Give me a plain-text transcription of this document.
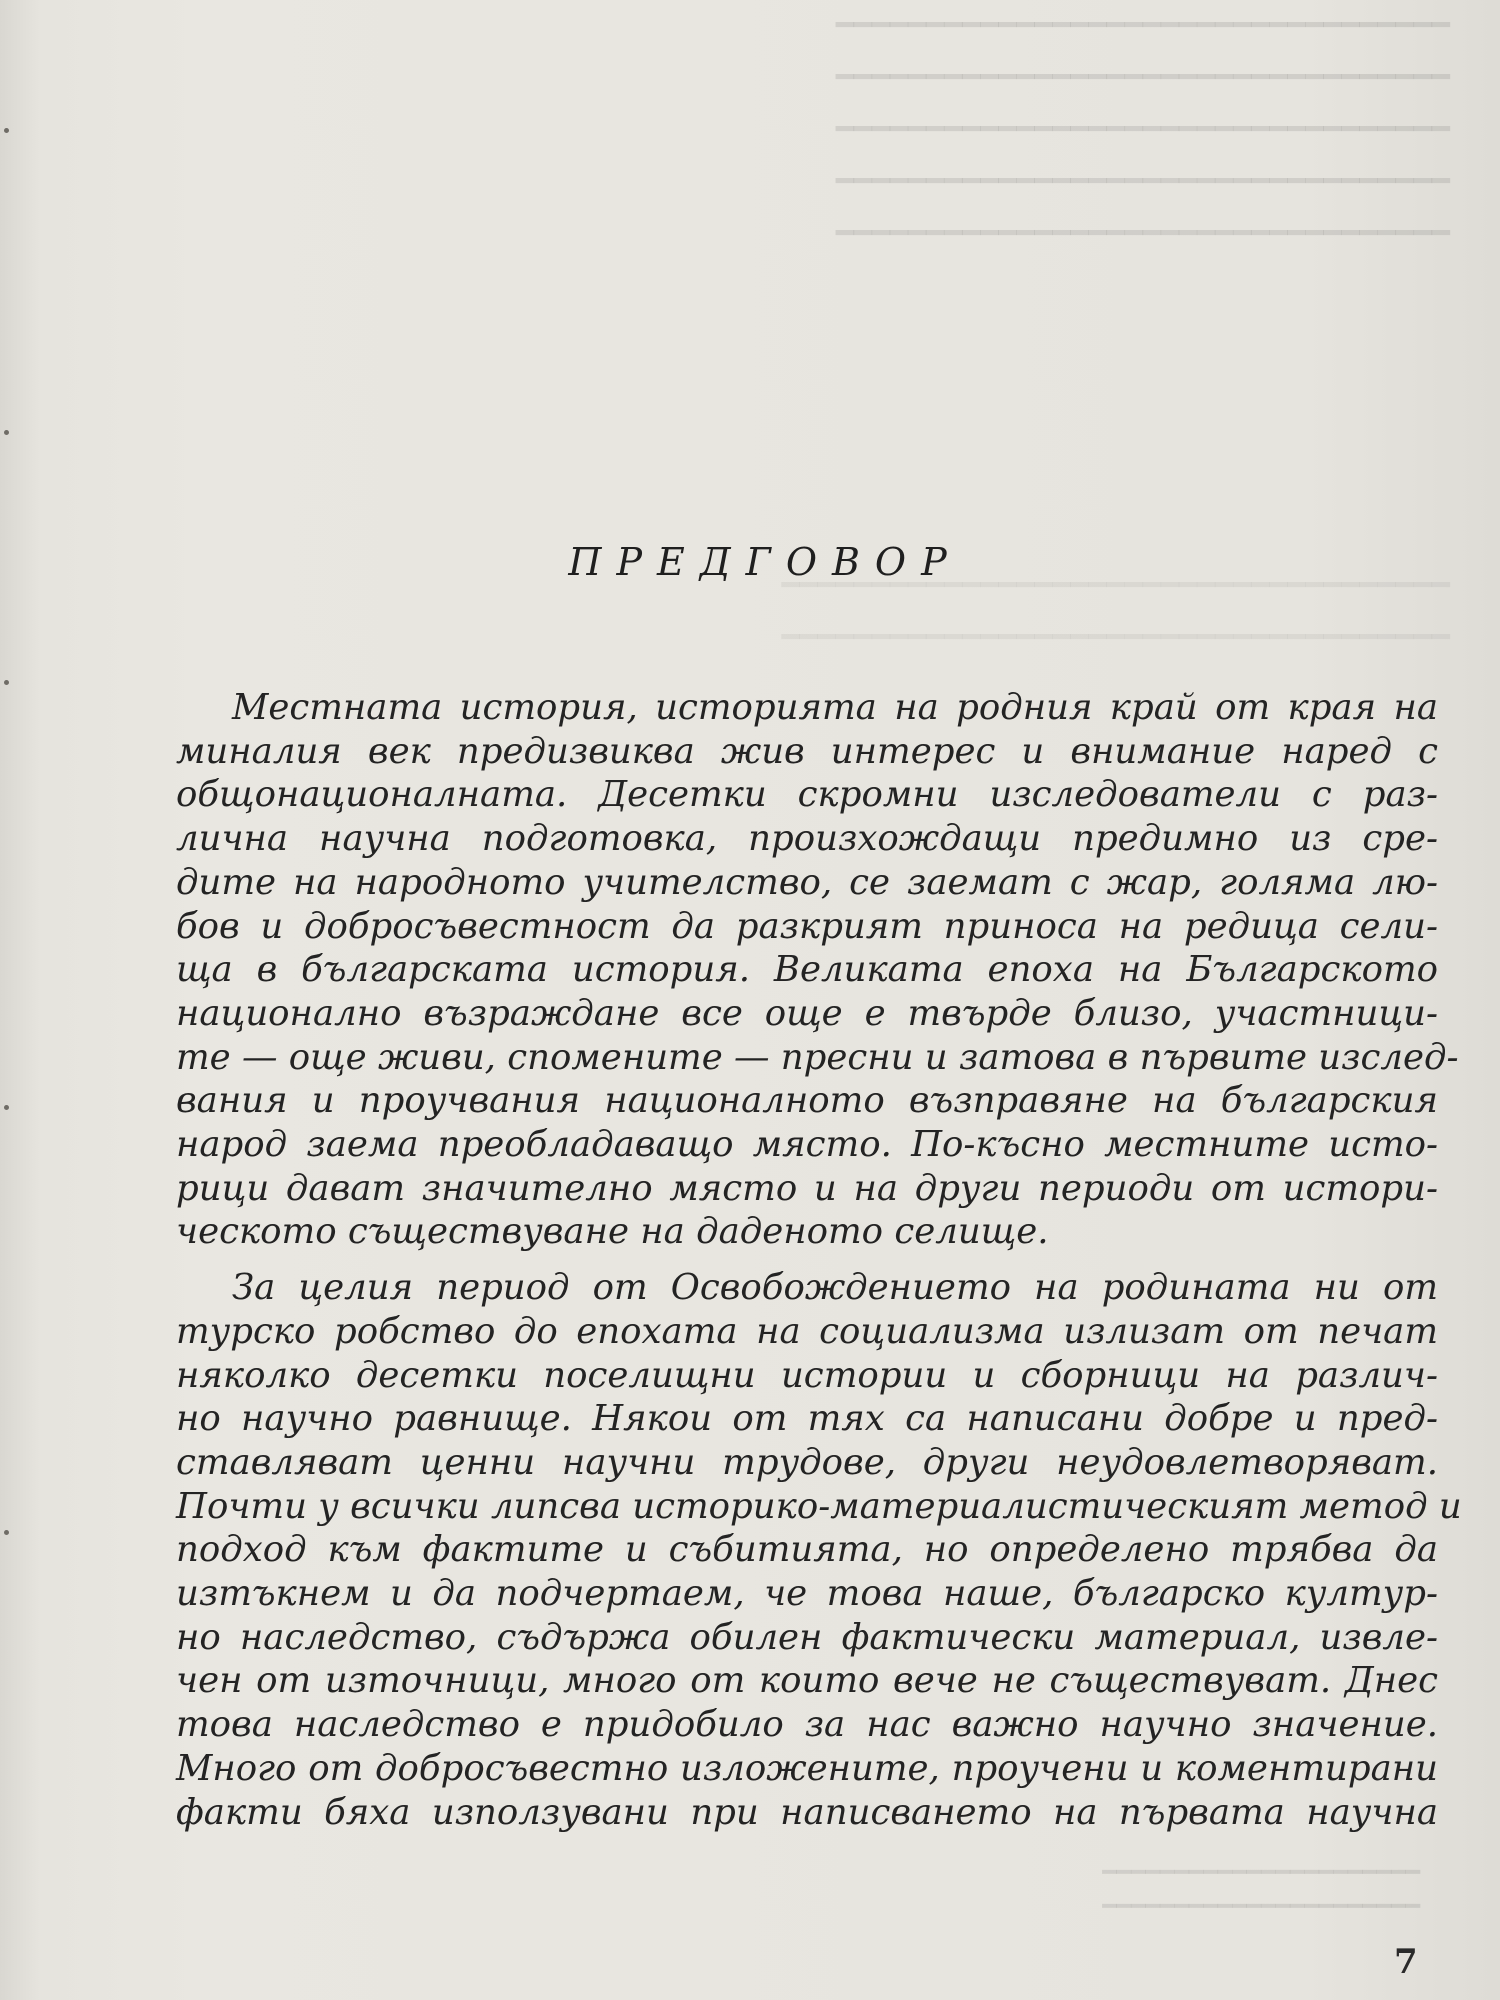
━━━━━━━━━━━━━━━━━━━━━━━━━━━━━━━━━━
━━━━━━━━━━━━━━━━━━━━━━━━━━━━━━━━━━
━━━━━━━━━━━━━━━━━━━━━━━━━━━━━━━━━━
━━━━━━━━━━━━━━━━━━━━━━━━━━━━━━━━━━
━━━━━━━━━━━━━━━━━━━━━━━━━━━━━━━━━━
━━━━━━━━━━━━━━━━━━━━━━━━━━━━━━━━━━━━━
━━━━━━━━━━━━━━━━━━━━━━━━━━━━━━━━━━━━━
━━━━━━━━━━━━━━━━━━━━━━
━━━━━━━━━━━━━━━━━━━━━━
ПРЕДГОВОР
Местната история, историята на родния край от края на
миналия век предизвиква жив интерес и внимание наред с
общонационалната. Десетки скромни изследователи с раз-
лична научна подготовка, произхождащи предимно из сре-
дите на народното учителство, се заемат с жар, голяма лю-
бов и добросъвестност да разкрият приноса на редица сели-
ща в българската история. Великата епоха на Българското
национално възраждане все още е твърде близо, участници-
те — още живи, спомените — пресни и затова в първите изслед-
вания и проучвания националното възправяне на българския
народ заема преобладаващо място. По-късно местните исто-
рици дават значително място и на други периоди от истори-
ческото съществуване на даденото селище.
За целия период от Освобождението на родината ни от
турско робство до епохата на социализма излизат от печат
няколко десетки поселищни истории и сборници на различ-
но научно равнище. Някои от тях са написани добре и пред-
ставляват ценни научни трудове, други неудовлетворяват.
Почти у всички липсва историко-материалистическият метод и
подход към фактите и събитията, но определено трябва да
изтъкнем и да подчертаем, че това наше, българско култур-
но наследство, съдържа обилен фактически материал, извле-
чен от източници, много от които вече не съществуват. Днес
това наследство е придобило за нас важно научно значение.
Много от добросъвестно изложените, проучени и коментирани
факти бяха използувани при написването на първата научна
7
